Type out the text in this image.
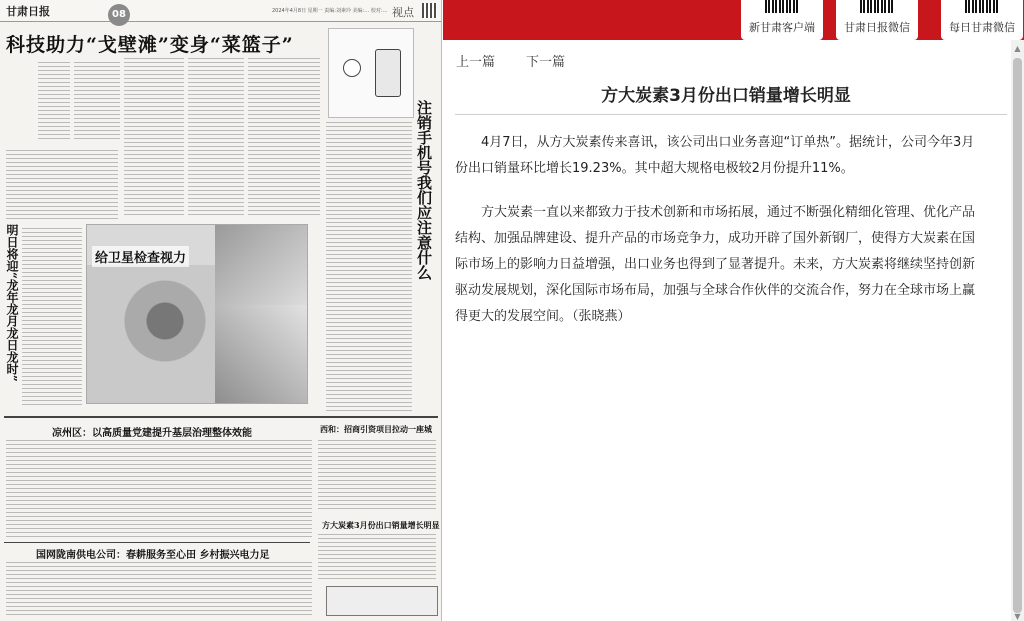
甘肃日报	08	2024年4月8日 星期一 责编:刘素玲 美编:… 校对:… 视点
科技助力“戈壁滩”变身“菜篮子”
注销手机号我们应注意什么
明日将迎“龙年龙月龙日龙时”	给卫星检查视力
凉州区：以高质量党建提升基层治理整体效能	西和：招商引资项目拉动一座城
方大炭素3月份出口销量增长明显
国网陇南供电公司：春耕服务至心田 乡村振兴电力足
新甘肃客户端	甘肃日报微信	每日甘肃微信
上一篇 下一篇
方大炭素3月份出口销量增长明显

4月7日，从方大炭素传来喜讯，该公司出口业务喜迎“订单热”。据统计，公司今年3月份出口销量环比增长19.23%。其中超大规格电极较2月份提升11%。

方大炭素一直以来都致力于技术创新和市场拓展，通过不断强化精细化管理、优化产品结构、加强品牌建设、提升产品的市场竞争力，成功开辟了国外新钢厂，使得方大炭素在国际市场上的影响力日益增强，出口业务也得到了显著提升。未来，方大炭素将继续坚持创新驱动发展规划，深化国际市场布局，加强与全球合作伙伴的交流合作，努力在全球市场上赢得更大的发展空间。（张晓燕）

▲
▼
